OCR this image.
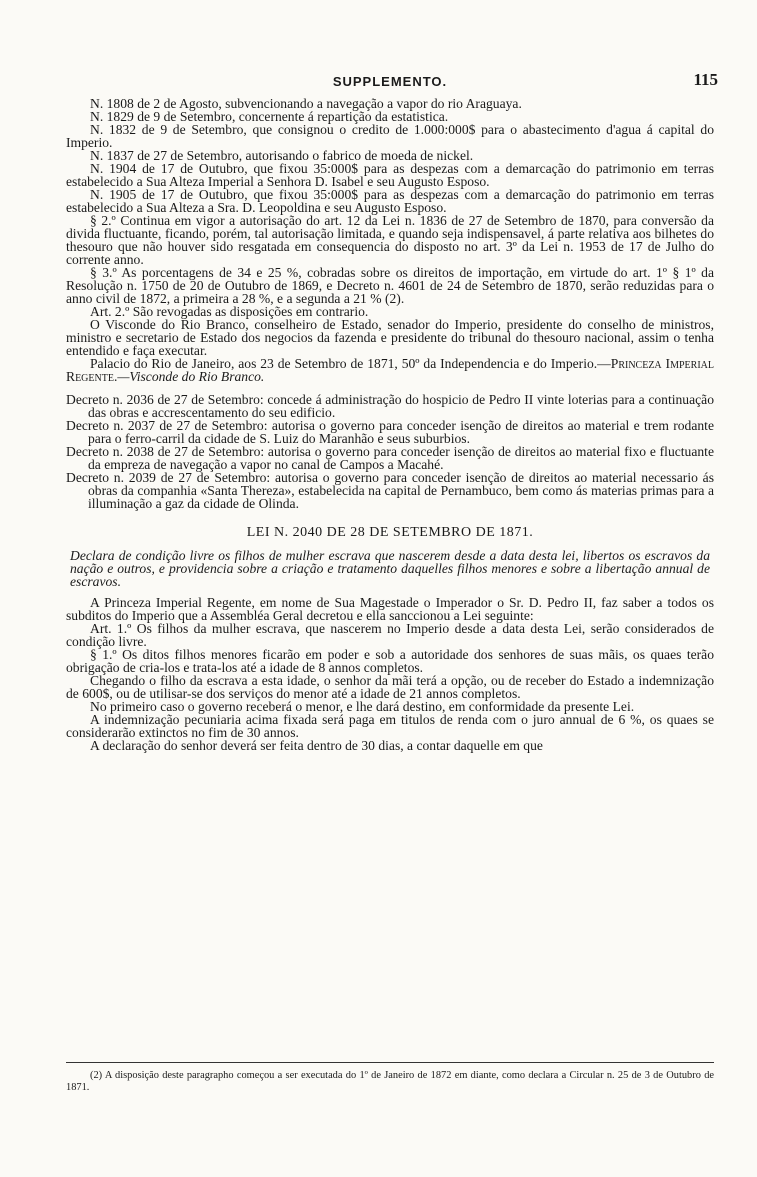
SUPPLEMENTO.	115

N. 1808 de 2 de Agosto, subvencionando a navegação a vapor do rio Araguaya.

N. 1829 de 9 de Setembro, concernente á repartição da estatistica.

N. 1832 de 9 de Setembro, que consignou o credito de 1.000:000$ para o abastecimento d'agua á capital do Imperio.

N. 1837 de 27 de Setembro, autorisando o fabrico de moeda de nickel.

N. 1904 de 17 de Outubro, que fixou 35:000$ para as despezas com a demarcação do patrimonio em terras estabelecido a Sua Alteza Imperial a Senhora D. Isabel e seu Augusto Esposo.

N. 1905 de 17 de Outubro, que fixou 35:000$ para as despezas com a demarcação do patrimonio em terras estabelecido a Sua Alteza a Sra. D. Leopoldina e seu Augusto Esposo.

§ 2.º Continua em vigor a autorisação do art. 12 da Lei n. 1836 de 27 de Setembro de 1870, para conversão da divida fluctuante, ficando, porém, tal autorisação limitada, e quando seja indispensavel, á parte relativa aos bilhetes do thesouro que não houver sido resgatada em consequencia do disposto no art. 3º da Lei n. 1953 de 17 de Julho do corrente anno.

§ 3.º As porcentagens de 34 e 25 %, cobradas sobre os direitos de importação, em virtude do art. 1º § 1º da Resolução n. 1750 de 20 de Outubro de 1869, e Decreto n. 4601 de 24 de Setembro de 1870, serão reduzidas para o anno civil de 1872, a primeira a 28 %, e a segunda a 21 % (2).

Art. 2.º São revogadas as disposições em contrario.

O Visconde do Rio Branco, conselheiro de Estado, senador do Imperio, presidente do conselho de ministros, ministro e secretario de Estado dos negocios da fazenda e presidente do tribunal do thesouro nacional, assim o tenha entendido e faça executar.

Palacio do Rio de Janeiro, aos 23 de Setembro de 1871, 50º da Independencia e do Imperio.—Princeza Imperial Regente.—Visconde do Rio Branco.

Decreto n. 2036 de 27 de Setembro: concede á administração do hospicio de Pedro II vinte loterias para a continuação das obras e accrescentamento do seu edificio.

Decreto n. 2037 de 27 de Setembro: autorisa o governo para conceder isenção de direitos ao material e trem rodante para o ferro-carril da cidade de S. Luiz do Maranhão e seus suburbios.

Decreto n. 2038 de 27 de Setembro: autorisa o governo para conceder isenção de direitos ao material fixo e fluctuante da empreza de navegação a vapor no canal de Campos a Macahé.

Decreto n. 2039 de 27 de Setembro: autorisa o governo para conceder isenção de direitos ao material necessario ás obras da companhia «Santa Thereza», estabelecida na capital de Pernambuco, bem como ás materias primas para a illuminação a gaz da cidade de Olinda.

LEI N. 2040 DE 28 DE SETEMBRO DE 1871.

Declara de condição livre os filhos de mulher escrava que nascerem desde a data desta lei, libertos os escravos da nação e outros, e providencia sobre a criação e tratamento daquelles filhos menores e sobre a libertação annual de escravos.

A Princeza Imperial Regente, em nome de Sua Magestade o Imperador o Sr. D. Pedro II, faz saber a todos os subditos do Imperio que a Assembléa Geral decretou e ella sanccionou a Lei seguinte:

Art. 1.º Os filhos da mulher escrava, que nascerem no Imperio desde a data desta Lei, serão considerados de condição livre.

§ 1.º Os ditos filhos menores ficarão em poder e sob a autoridade dos senhores de suas mãis, os quaes terão obrigação de cria-los e trata-los até a idade de 8 annos completos.

Chegando o filho da escrava a esta idade, o senhor da mãi terá a opção, ou de receber do Estado a indemnização de 600$, ou de utilisar-se dos serviços do menor até a idade de 21 annos completos.

No primeiro caso o governo receberá o menor, e lhe dará destino, em conformidade da presente Lei.

A indemnização pecuniaria acima fixada será paga em titulos de renda com o juro annual de 6 %, os quaes se considerarão extinctos no fim de 30 annos.

A declaração do senhor deverá ser feita dentro de 30 dias, a contar daquelle em que

(2) A disposição deste paragrapho começou a ser executada do 1º de Janeiro de 1872 em diante, como declara a Circular n. 25 de 3 de Outubro de 1871.
